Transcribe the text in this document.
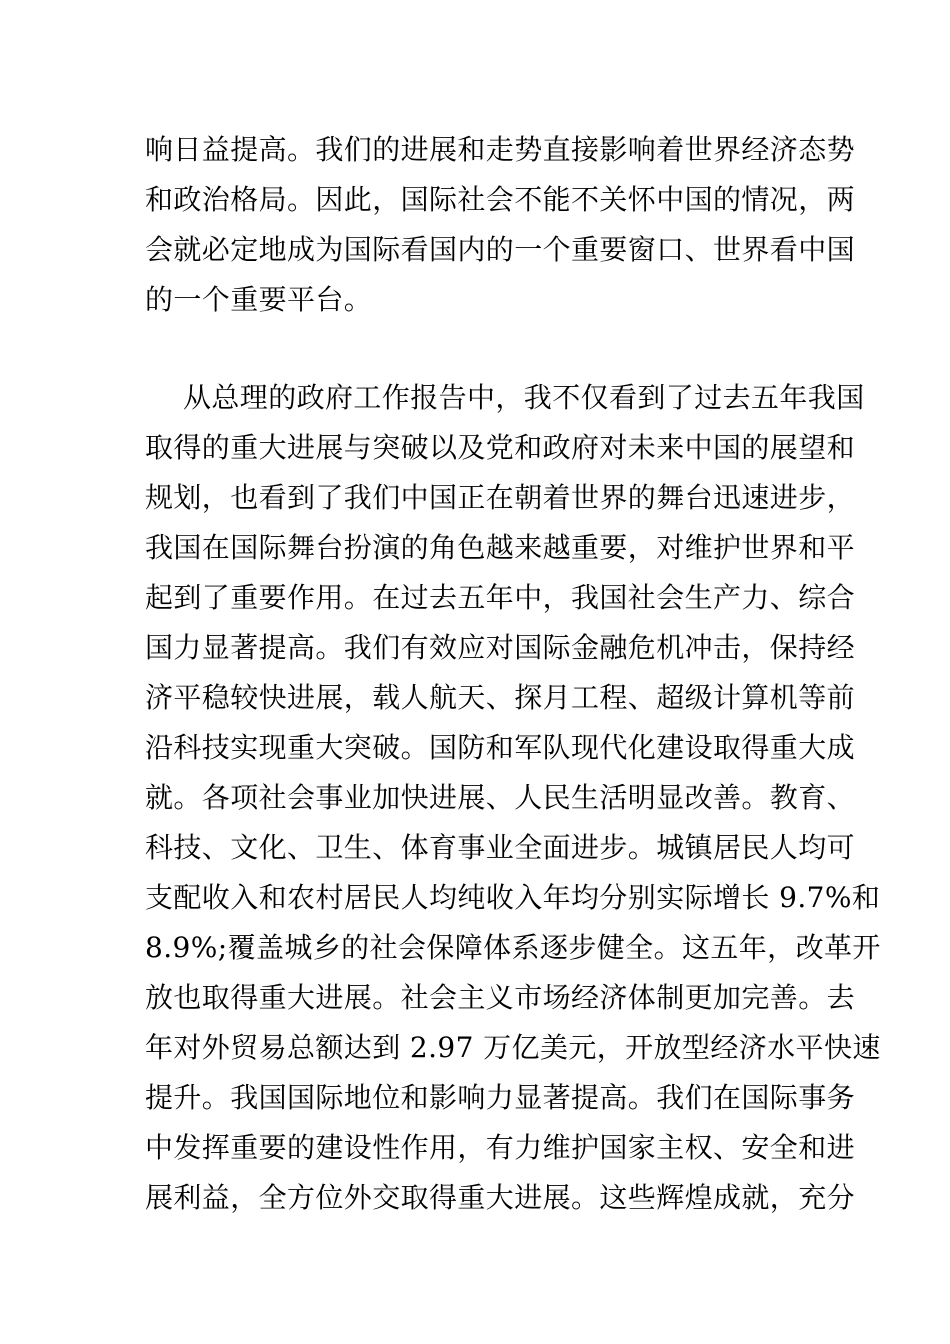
响日益提高。我们的进展和走势直接影响着世界经济态势
和政治格局。因此，国际社会不能不关怀中国的情况，两
会就必定地成为国际看国内的一个重要窗口、世界看中国
的一个重要平台。
从总理的政府工作报告中，我不仅看到了过去五年我国
取得的重大进展与突破以及党和政府对未来中国的展望和
规划，也看到了我们中国正在朝着世界的舞台迅速进步，
我国在国际舞台扮演的角色越来越重要，对维护世界和平
起到了重要作用。在过去五年中，我国社会生产力、综合
国力显著提高。我们有效应对国际金融危机冲击，保持经
济平稳较快进展，载人航天、探月工程、超级计算机等前
沿科技实现重大突破。国防和军队现代化建设取得重大成
就。各项社会事业加快进展、人民生活明显改善。教育、
科技、文化、卫生、体育事业全面进步。城镇居民人均可
支配收入和农村居民人均纯收入年均分别实际增长 9.7%和
8.9%;覆盖城乡的社会保障体系逐步健全。这五年，改革开
放也取得重大进展。社会主义市场经济体制更加完善。去
年对外贸易总额达到 2.97 万亿美元，开放型经济水平快速
提升。我国国际地位和影响力显著提高。我们在国际事务
中发挥重要的建设性作用，有力维护国家主权、安全和进
展利益，全方位外交取得重大进展。这些辉煌成就，充分
